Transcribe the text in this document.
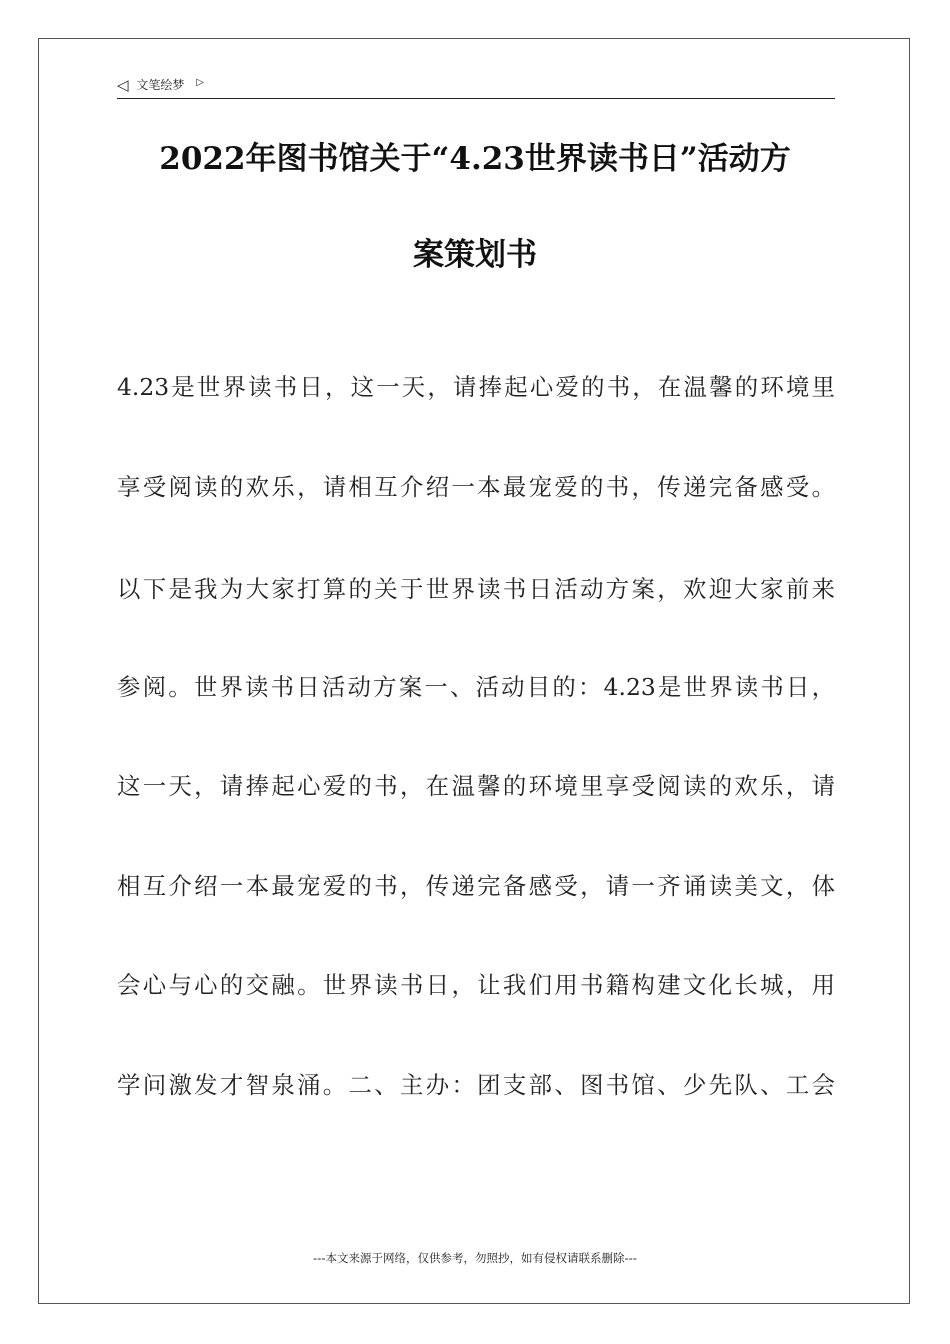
◁ 文笔绘梦 ▷
2022年图书馆关于“4.23世界读书日”活动方
案策划书
4.23是世界读书日，这一天，请捧起心爱的书，在温馨的环境里
享受阅读的欢乐，请相互介绍一本最宠爱的书，传递完备感受。
以下是我为大家打算的关于世界读书日活动方案，欢迎大家前来
参阅。世界读书日活动方案一、活动目的：4.23是世界读书日，
这一天，请捧起心爱的书，在温馨的环境里享受阅读的欢乐，请
相互介绍一本最宠爱的书，传递完备感受，请一齐诵读美文，体
会心与心的交融。世界读书日，让我们用书籍构建文化长城，用
学问激发才智泉涌。二、主办：团支部、图书馆、少先队、工会
---本文来源于网络，仅供参考，勿照抄，如有侵权请联系删除---
